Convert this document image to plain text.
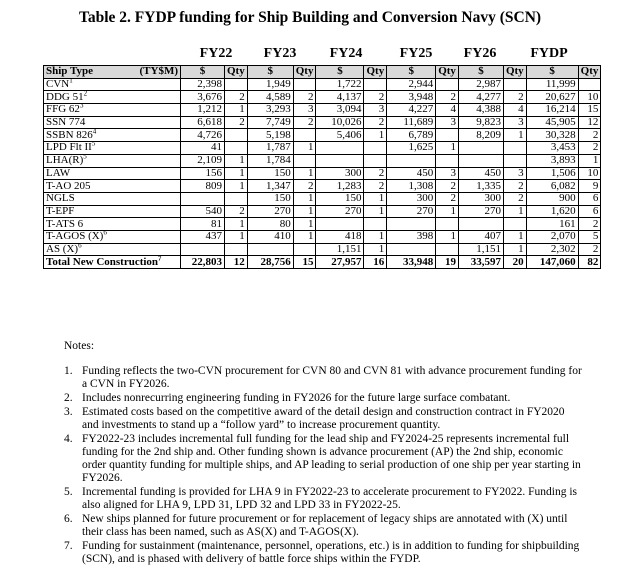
Table 2. FYDP funding for Ship Building and Conversion Navy (SCN)
FY22	FY23	FY24	FY25	FY26	FYDP
Ship Type (TY$M)	$	Qty	$	Qty	$	Qty	$	Qty	$	Qty	$	Qty
CVN$^1$	2,398		1,949		1,722		2,944		2,987		11,999	
DDG $51^2$	3,676	2	4,589	2	4,137	2	3,948	2	4,277	2	20,627	10
FFG $62^3$	1,212	1	3,293	3	3,094	3	4,227	4	4,388	4	16,214	15
SSN 774	6,618	2	7,749	2	10,026	2	11,689	3	9,823	3	45,905	12
SSBN $826^4$	4,726		5,198		5,406	1	6,789		8,209	1	30,328	2
LPD Flt $II^5$	41		1,787	1			1,625	1			3,453	2
$LHA(R)^5$	2,109	1	1,784								3,893	1
LAW	156	1	150	1	300	2	450	3	450	3	1,506	10
T-AO 205	809	1	1,347	2	1,283	2	1,308	2	1,335	2	6,082	9
NGLS			150	1	150	1	300	2	300	2	900	6
T-EPF	540	2	270	1	270	1	270	1	270	1	1,620	6
T-ATS 6	81	1	80	1							161	2
T-AGOS $(X)^6$	437	1	410	1	418	1	398	1	407	1	2,070	5
AS $(X)^6$					1,151	1			1,151	1	2,302	2
Total New Construction$^7$	22,803	12	28,756	15	27,957	16	33,948	19	33,597	20	147,060	82
Notes:
1. Funding reflects the two-CVN procurement for CVN 80 and CVN 81 with advance procurement funding for a CVN in FY2026.
2. Includes nonrecurring engineering funding in FY2026 for the future large surface combatant.
3. Estimated costs based on the competitive award of the detail design and construction contract in FY2020 and investments to stand up a “follow yard” to increase procurement quantity.
4. FY2022-23 includes incremental full funding for the lead ship and FY2024-25 represents incremental full funding for the 2nd ship and. Other funding shown is advance procurement (AP) the 2nd ship, economic order quantity funding for multiple ships, and AP leading to serial production of one ship per year starting in FY2026.
5. Incremental funding is provided for LHA 9 in FY2022-23 to accelerate procurement to FY2022. Funding is also aligned for LHA 9, LPD 31, LPD 32 and LPD 33 in FY2022-25.
6. New ships planned for future procurement or for replacement of legacy ships are annotated with (X) until their class has been named, such as AS(X) and T-AGOS(X).
7. Funding for sustainment (maintenance, personnel, operations, etc.) is in addition to funding for shipbuilding (SCN), and is phased with delivery of battle force ships within the FYDP.
